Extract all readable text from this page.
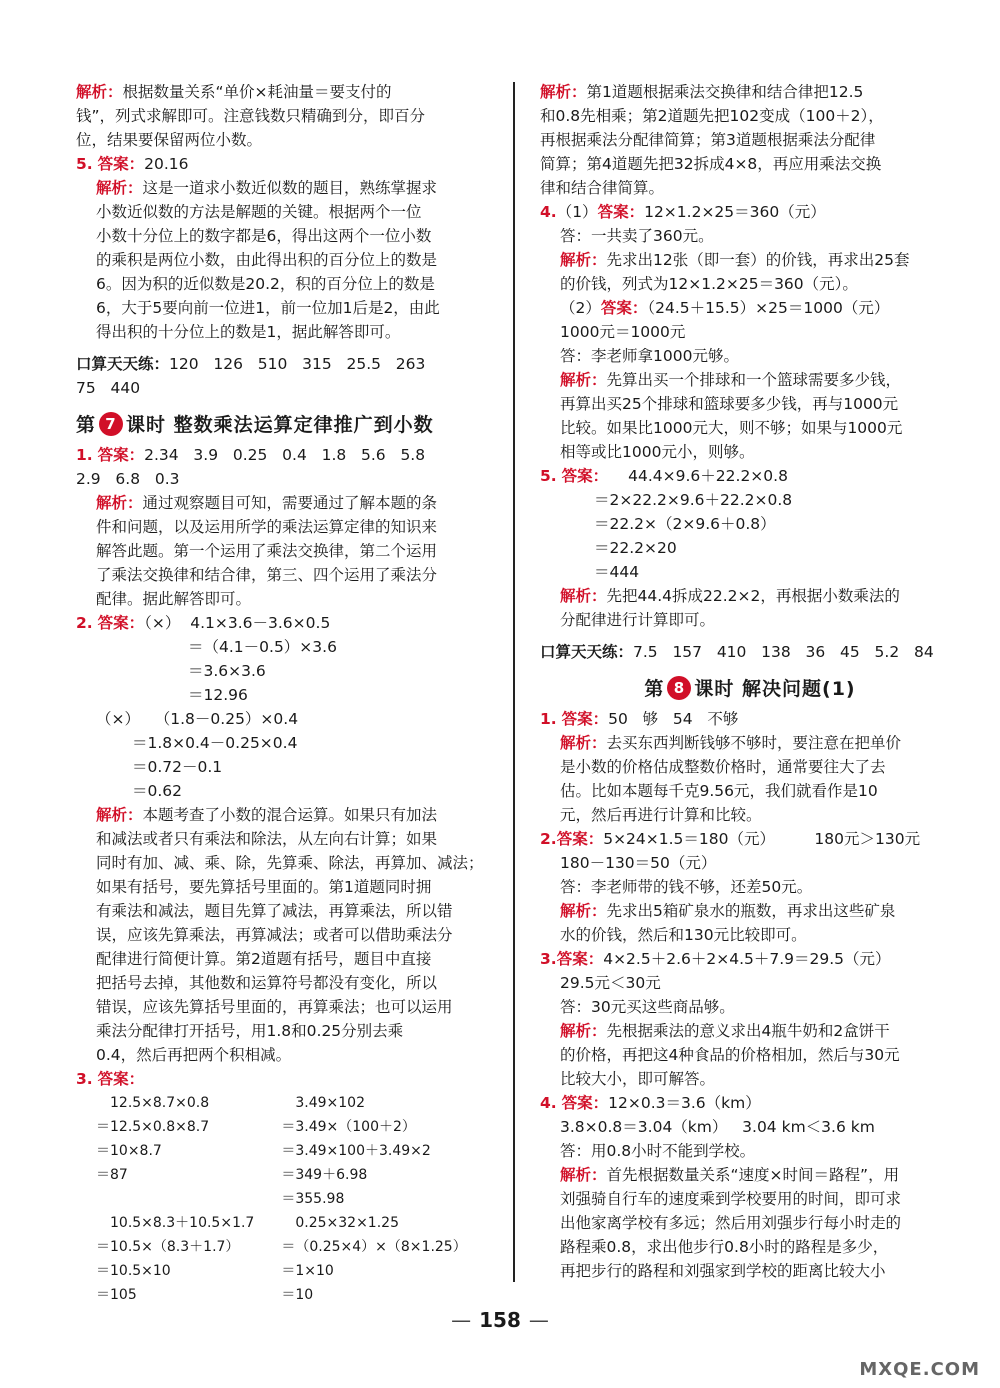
解析：根据数量关系“单价×耗油量＝要支付的

钱”，列式求解即可。注意钱数只精确到分，即百分

位，结果要保留两位小数。

5. 答案：20.16

解析：这是一道求小数近似数的题目，熟练掌握求

小数近似数的方法是解题的关键。根据两个一位

小数十分位上的数字都是6，得出这两个一位小数

的乘积是两位小数，由此得出积的百分位上的数是

6。因为积的近似数是20.2，积的百分位上的数是

6，大于5要向前一位进1，前一位加1后是2，由此

得出积的十分位上的数是1，据此解答即可。

口算天天练：120   126   510   315   25.5   263

75   440

第 7 课时 整数乘法运算定律推广到小数

1. 答案：2.34   3.9   0.25   0.4   1.8   5.6   5.8

2.9   6.8   0.3

解析：通过观察题目可知，需要通过了解本题的条

件和问题，以及运用所学的乘法运算定律的知识来

解答此题。第一个运用了乘法交换律，第二个运用

了乘法交换律和结合律，第三、四个运用了乘法分

配律。据此解答即可。

2. 答案：（×）  4.1×3.6－3.6×0.5

＝（4.1－0.5）×3.6

＝3.6×3.6

＝12.96

（×）   （1.8－0.25）×0.4

＝1.8×0.4－0.25×0.4

＝0.72－0.1

＝0.62

解析：本题考查了小数的混合运算。如果只有加法

和减法或者只有乘法和除法，从左向右计算；如果

同时有加、减、乘、除，先算乘、除法，再算加、减法；

如果有括号，要先算括号里面的。第1道题同时拥

有乘法和减法，题目先算了减法，再算乘法，所以错

误，应该先算乘法，再算减法；或者可以借助乘法分

配律进行简便计算。第2道题有括号，题目中直接

把括号去掉，其他数和运算符号都没有变化，所以

错误，应该先算括号里面的，再算乘法；也可以运用

乘法分配律打开括号，用1.8和0.25分别去乘

0.4，然后再把两个积相减。

3. 答案：

12.5×8.7×0.8

＝12.5×0.8×8.7

＝10×8.7

＝87

3.49×102

＝3.49×（100＋2）

＝3.49×100＋3.49×2

＝349＋6.98

＝355.98

10.5×8.3＋10.5×1.7

＝10.5×（8.3＋1.7）

＝10.5×10

＝105

0.25×32×1.25

＝（0.25×4）×（8×1.25）

＝1×10

＝10

解析：第1道题根据乘法交换律和结合律把12.5

和0.8先相乘；第2道题先把102变成（100＋2），

再根据乘法分配律简算；第3道题根据乘法分配律

简算；第4道题先把32拆成4×8，再应用乘法交换

律和结合律简算。

4.（1）答案：12×1.2×25＝360（元）

答：一共卖了360元。

解析：先求出12张（即一套）的价钱，再求出25套

的价钱，列式为12×1.2×25＝360（元）。

（2）答案：（24.5＋15.5）×25＝1000（元）

1000元＝1000元

答：李老师拿1000元够。

解析：先算出买一个排球和一个篮球需要多少钱，

再算出买25个排球和篮球要多少钱，再与1000元

比较。如果比1000元大，则不够；如果与1000元

相等或比1000元小，则够。

5. 答案： 44.4×9.6＋22.2×0.8

＝2×22.2×9.6＋22.2×0.8

＝22.2×（2×9.6＋0.8）

＝22.2×20

＝444

解析：先把44.4拆成22.2×2，再根据小数乘法的

分配律进行计算即可。

口算天天练：7.5   157   410   138   36   45   5.2   84

第 8 课时 解决问题(1)

1. 答案：50   够   54   不够

解析：去买东西判断钱够不够时，要注意在把单价

是小数的价格估成整数价格时，通常要往大了去

估。比如本题每千克9.56元，我们就看作是10

元，然后再进行计算和比较。

2.答案：5×24×1.5＝180（元）        180元＞130元

180－130＝50（元）

答：李老师带的钱不够，还差50元。

解析：先求出5箱矿泉水的瓶数，再求出这些矿泉

水的价钱，然后和130元比较即可。

3.答案：4×2.5＋2.6＋2×4.5＋7.9＝29.5（元）

29.5元＜30元

答：30元买这些商品够。

解析：先根据乘法的意义求出4瓶牛奶和2盒饼干

的价格，再把这4种食品的价格相加，然后与30元

比较大小，即可解答。

4. 答案：12×0.3＝3.6（km）

3.8×0.8＝3.04（km）   3.04 km＜3.6 km

答：用0.8小时不能到学校。

解析：首先根据数量关系“速度×时间＝路程”，用

刘强骑自行车的速度乘到学校要用的时间，即可求

出他家离学校有多远；然后用刘强步行每小时走的

路程乘0.8，求出他步行0.8小时的路程是多少，

再把步行的路程和刘强家到学校的距离比较大小

— 158 —
MXQE.COM
